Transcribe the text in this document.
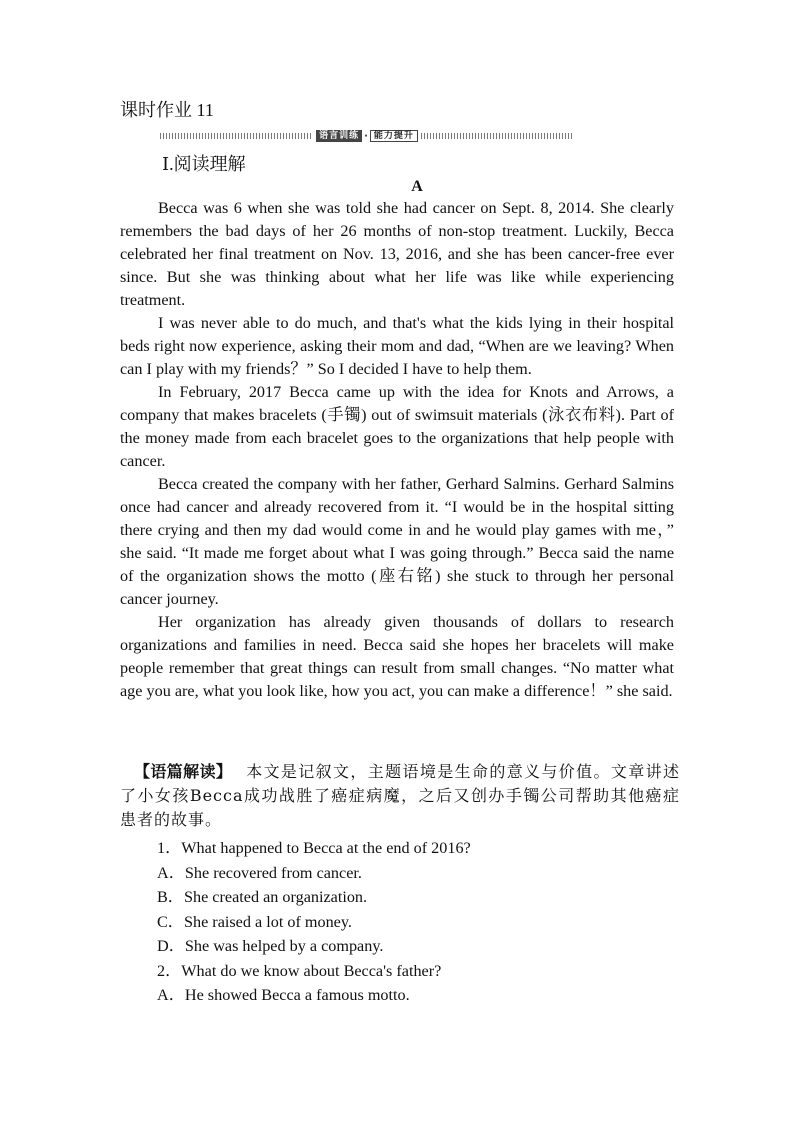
课时作业 11
语言训练 · 能力提升
Ⅰ.阅读理解
A

Becca was 6 when she was told she had cancer on Sept. 8, 2014. She clearly remembers the bad days of her 26 months of non-stop treatment. Luckily, Becca celebrated her final treatment on Nov. 13, 2016, and she has been cancer-free ever since. But she was thinking about what her life was like while experiencing treatment.

I was never able to do much, and that's what the kids lying in their hospital beds right now experience, asking their mom and dad, “When are we leaving? When can I play with my friends？” So I decided I have to help them.

In February, 2017 Becca came up with the idea for Knots and Arrows, a company that makes bracelets (手镯) out of swimsuit materials (泳衣布料). Part of the money made from each bracelet goes to the organizations that help people with cancer.

Becca created the company with her father, Gerhard Salmins. Gerhard Salmins once had cancer and already recovered from it. “I would be in the hospital sitting there crying and then my dad would come in and he would play games with me，” she said. “It made me forget about what I was going through.” Becca said the name of the organization shows the motto (座右铭) she stuck to through her personal cancer journey.

Her organization has already given thousands of dollars to research organizations and families in need. Becca said she hopes her bracelets will make people remember that great things can result from small changes. “No matter what age you are, what you look like, how you act, you can make a difference！” she said.

【语篇解读】 本文是记叙文，主题语境是生命的意义与价值。文章讲述了小女孩Becca成功战胜了癌症病魔，之后又创办手镯公司帮助其他癌症患者的故事。
1．What happened to Becca at the end of 2016?
A．She recovered from cancer.
B．She created an organization.
C．She raised a lot of money.
D．She was helped by a company.
2．What do we know about Becca's father?
A．He showed Becca a famous motto.
